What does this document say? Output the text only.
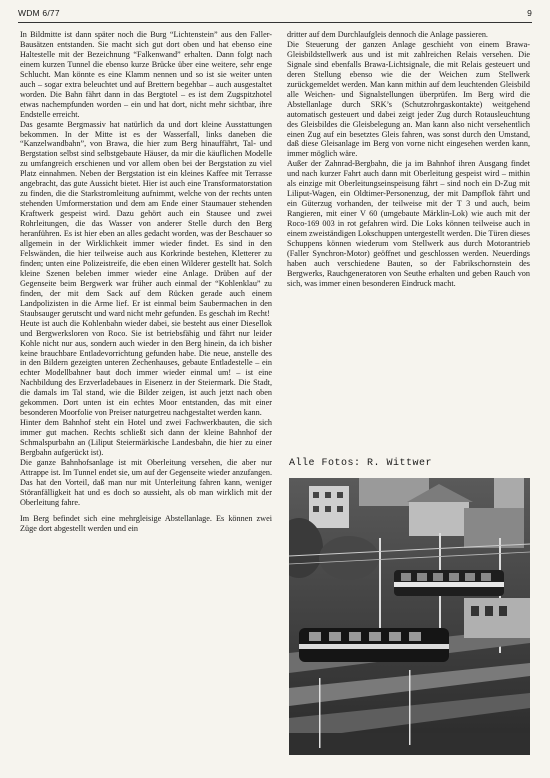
WDM 6/77	9

In Bildmitte ist dann später noch die Burg “Lichtenstein” aus den Faller-Bausätzen entstanden. Sie macht sich gut dort oben und hat ebenso eine Haltestelle mit der Bezeichnung “Falkenwand” erhalten. Dann folgt nach einem kurzen Tunnel die ebenso kurze Brücke über eine weitere, sehr enge Schlucht. Man könnte es eine Klamm nennen und so ist sie weiter unten auch – sogar extra beleuchtet und auf Brettern begehbar – auch ausgestaltet worden. Die Bahn fährt dann in das Bergtotel – es ist dem Zugspitzhotel etwas nachempfunden worden – ein und hat dort, nicht mehr sichtbar, ihre Endstelle erreicht.

Das gesamte Bergmassiv hat natürlich da und dort kleine Ausstattungen bekommen. In der Mitte ist es der Wasserfall, links daneben die “Kanzelwandbahn”, von Brawa, die hier zum Berg hinauffährt, Tal- und Bergstation selbst sind selbstgebaute Häuser, da mir die käuflichen Modelle zu umfangreich erschienen und vor allem oben bei der Bergstation zu viel Platz einnahmen. Neben der Bergstation ist ein kleines Kaffee mit Terrasse angebracht, das gute Aussicht bietet. Hier ist auch eine Transformatorstation zu finden, die die Starkstromleitung aufnimmt, welche von der rechts unten stehenden Umformerstation und dem am Ende einer Staumauer stehenden Kraftwerk gespeist wird. Dazu gehört auch ein Stausee und zwei Rohrleitungen, die das Wasser von anderer Stelle durch den Berg heranführen. Es ist hier eben an alles gedacht worden, was der Beschauer so allgemein in der Wirklichkeit immer wieder findet. Es sind in den Felswänden, die hier teilweise auch aus Korkrinde bestehen, Kletterer zu finden; unten eine Polizeistreife, die eben einen Wilderer gestellt hat. Solch kleine Szenen beleben immer wieder eine Anlage. Drüben auf der Gegenseite beim Bergwerk war früher auch einmal der “Kohlenklau” zu finden, der mit dem Sack auf dem Rücken gerade auch einem Landpolizisten in die Arme lief. Er ist einmal beim Saubermachen in den Staubsauger gerutscht und ward nicht mehr gefunden. Es geschah im Recht!

Heute ist auch die Kohlenbahn wieder dabei, sie besteht aus einer Diesellok und Bergwerksloren von Roco. Sie ist betriebsfähig und fährt nur leider Kohle nicht nur aus, sondern auch wieder in den Berg hinein, da ich bisher keine brauchbare Entladevorrichtung gefunden habe. Die neue, anstelle des in den Bildern gezeigten unteren Zechenhauses, gebaute Entladestelle – ein echter Modellbahner baut doch immer wieder einmal um! – ist eine Nachbildung des Erzverladebaues in Eisenerz in der Steiermark. Die Stadt, die damals im Tal stand, wie die Bilder zeigen, ist auch jetzt nach oben gekommen. Dort unten ist ein echtes Moor entstanden, das mit einer besonderen Moorfolie von Preiser naturgetreu nachgestaltet werden kann.

Hinter dem Bahnhof steht ein Hotel und zwei Fachwerkbauten, die sich immer gut machen. Rechts schließt sich dann der kleine Bahnhof der Schmalspurbahn an (Liliput Steiermärkische Landesbahn, die hier zu einer Bergbahn aufgerückt ist).

Die ganze Bahnhofsanlage ist mit Oberleitung versehen, die aber nur Attrappe ist. Im Tunnel endet sie, um auf der Gegenseite wieder anzufangen. Das hat den Vorteil, daß man nur mit Unterleitung fahren kann, weniger Störanfälligkeit hat und es doch so aussieht, als ob man wirklich mit der Oberleitung fahre.

Im Berg befindet sich eine mehrgleisige Abstellanlage. Es können zwei Züge dort abgestellt werden und ein

dritter auf dem Durchlaufgleis dennoch die Anlage passieren.

Die Steuerung der ganzen Anlage geschieht von einem Brawa-Gleisbildstellwerk aus und ist mit zahlreichen Relais versehen. Die Signale sind ebenfalls Brawa-Lichtsignale, die mit Relais gesteuert und deren Stellung ebenso wie die der Weichen zum Stellwerk zurückgemeldet werden. Man kann mithin auf dem leuchtenden Gleisbild alle Weichen- und Signalstellungen überprüfen. Im Berg wird die Abstellanlage durch SRK’s (Schutzrohrgaskontakte) weitgehend automatisch gesteuert und dabei zeigt jeder Zug durch Rotausleuchtung des Gleisbildes die Gleisbelegung an. Man kann also nicht versehentlich einen Zug auf ein besetztes Gleis fahren, was sonst durch den Umstand, daß diese Gleisanlage im Berg von vorne nicht eingesehen werden kann, immer möglich wäre.

Außer der Zahnrad-Bergbahn, die ja im Bahnhof ihren Ausgang findet und nach kurzer Fahrt auch dann mit Oberleitung gespeist wird – mithin als einzige mit Oberleitungseinspeisung fährt – sind noch ein D-Zug mit Liliput-Wagen, ein Oldtimer-Personenzug, der mit Dampflok fährt und ein Güterzug vorhanden, der teilweise mit der T 3 und auch, beim Rangieren, mit einer V 60 (umgebaute Märklin-Lok) wie auch mit der Roco-169 003 in rot gefahren wird. Die Loks können teilweise auch in einem zweiständigen Lokschuppen untergestellt werden. Die Türen dieses Schuppens können wiederum vom Stellwerk aus durch Motorantrieb (Faller Synchron-Motor) geöffnet und geschlossen werden. Neuerdings haben auch verschiedene Bauten, so der Fabrikschornstein des Bergwerks, Rauchgeneratoren von Seuthe erhalten und geben Rauch von sich, was immer einen besonderen Eindruck macht.

Alle Fotos: R. Wittwer
